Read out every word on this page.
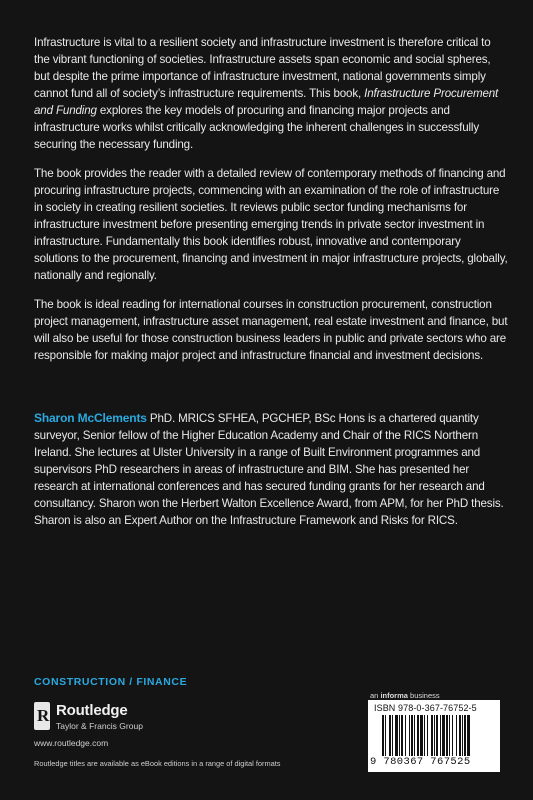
Infrastructure is vital to a resilient society and infrastructure investment is therefore critical to the vibrant functioning of societies. Infrastructure assets span economic and social spheres, but despite the prime importance of infrastructure investment, national governments simply cannot fund all of society’s infrastructure requirements. This book, Infrastructure Procurement and Funding explores the key models of procuring and financing major projects and infrastructure works whilst critically acknowledging the inherent challenges in successfully securing the necessary funding.

The book provides the reader with a detailed review of contemporary methods of financing and procuring infrastructure projects, commencing with an examination of the role of infrastructure in society in creating resilient societies. It reviews public sector funding mechanisms for infrastructure investment before presenting emerging trends in private sector investment in infrastructure. Fundamentally this book identifies robust, innovative and contemporary solutions to the procurement, financing and investment in major infrastructure projects, globally, nationally and regionally.

The book is ideal reading for international courses in construction procurement, construction project management, infrastructure asset management, real estate investment and finance, but will also be useful for those construction business leaders in public and private sectors who are responsible for making major project and infrastructure financial and investment decisions.

Sharon McClements PhD. MRICS SFHEA, PGCHEP, BSc Hons is a chartered quantity surveyor, Senior fellow of the Higher Education Academy and Chair of the RICS Northern Ireland. She lectures at Ulster University in a range of Built Environment programmes and supervisors PhD researchers in areas of infrastructure and BIM. She has presented her research at international conferences and has secured funding grants for her research and consultancy. Sharon won the Herbert Walton Excellence Award, from APM, for her PhD thesis. Sharon is also an Expert Author on the Infrastructure Framework and Risks for RICS.

CONSTRUCTION / FINANCE
R Routledge
Taylor & Francis Group
www.routledge.com
Routledge titles are available as eBook editions in a range of digital formats
an informa business
ISBN 978-0-367-76752-5
9 780367 767525
